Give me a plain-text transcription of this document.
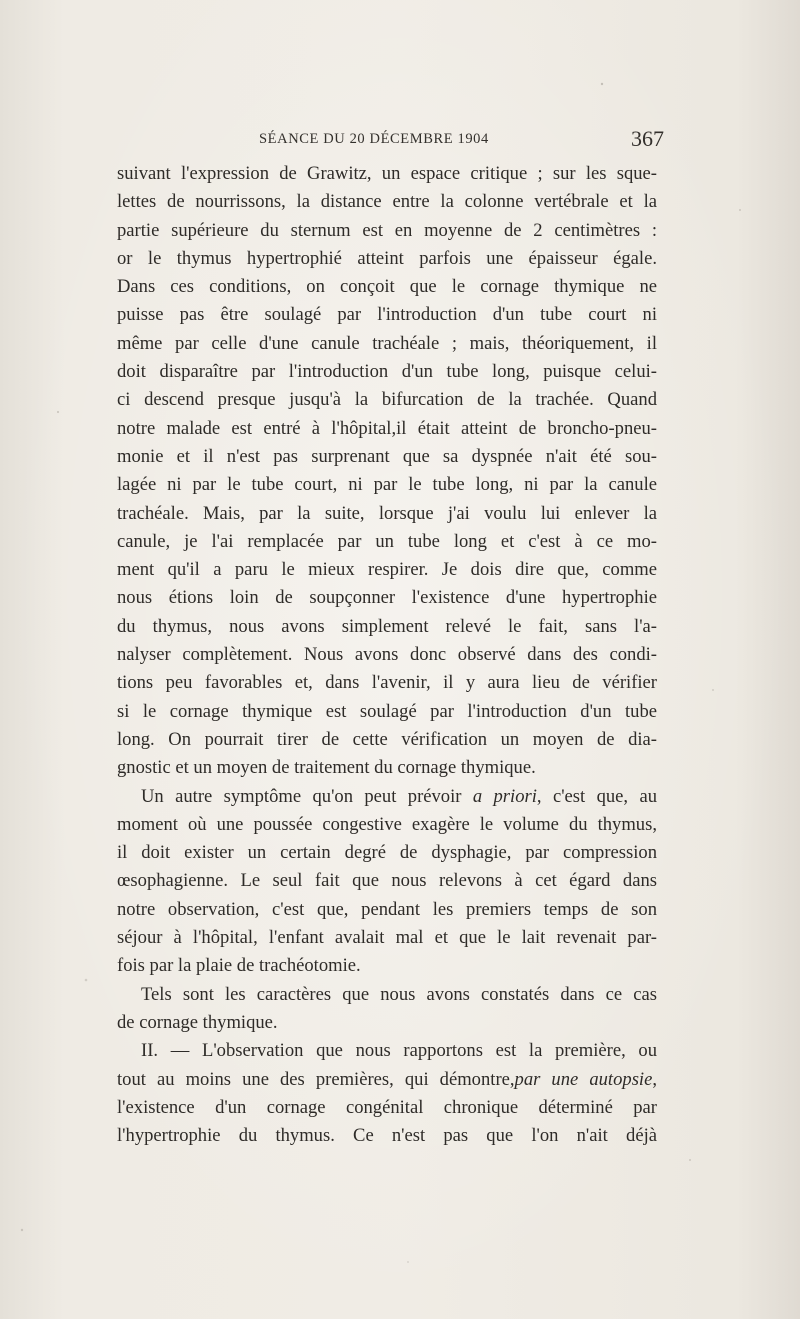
SÉANCE DU 20 DÉCEMBRE 1904	367
suivant l'expression de Grawitz, un espace critique ; sur les sque-
lettes de nourrissons, la distance entre la colonne vertébrale et la
partie supérieure du sternum est en moyenne de 2 centimètres :
or le thymus hypertrophié atteint parfois une épaisseur égale.
Dans ces conditions, on conçoit que le cornage thymique ne
puisse pas être soulagé par l'introduction d'un tube court ni
même par celle d'une canule trachéale ; mais, théoriquement, il
doit disparaître par l'introduction d'un tube long, puisque celui-
ci descend presque jusqu'à la bifurcation de la trachée. Quand
notre malade est entré à l'hôpital,il était atteint de broncho-pneu-
monie et il n'est pas surprenant que sa dyspnée n'ait été sou-
lagée ni par le tube court, ni par le tube long, ni par la canule
trachéale. Mais, par la suite, lorsque j'ai voulu lui enlever la
canule, je l'ai remplacée par un tube long et c'est à ce mo-
ment qu'il a paru le mieux respirer. Je dois dire que, comme
nous étions loin de soupçonner l'existence d'une hypertrophie
du thymus, nous avons simplement relevé le fait, sans l'a-
nalyser complètement. Nous avons donc observé dans des condi-
tions peu favorables et, dans l'avenir, il y aura lieu de vérifier
si le cornage thymique est soulagé par l'introduction d'un tube
long. On pourrait tirer de cette vérification un moyen de dia-
gnostic et un moyen de traitement du cornage thymique.
Un autre symptôme qu'on peut prévoir a priori, c'est que, au
moment où une poussée congestive exagère le volume du thymus,
il doit exister un certain degré de dysphagie, par compression
œsophagienne. Le seul fait que nous relevons à cet égard dans
notre observation, c'est que, pendant les premiers temps de son
séjour à l'hôpital, l'enfant avalait mal et que le lait revenait par-
fois par la plaie de trachéotomie.
Tels sont les caractères que nous avons constatés dans ce cas
de cornage thymique.
II. — L'observation que nous rapportons est la première, ou
tout au moins une des premières, qui démontre,par une autopsie,
l'existence d'un cornage congénital chronique déterminé par
l'hypertrophie du thymus. Ce n'est pas que l'on n'ait déjà
